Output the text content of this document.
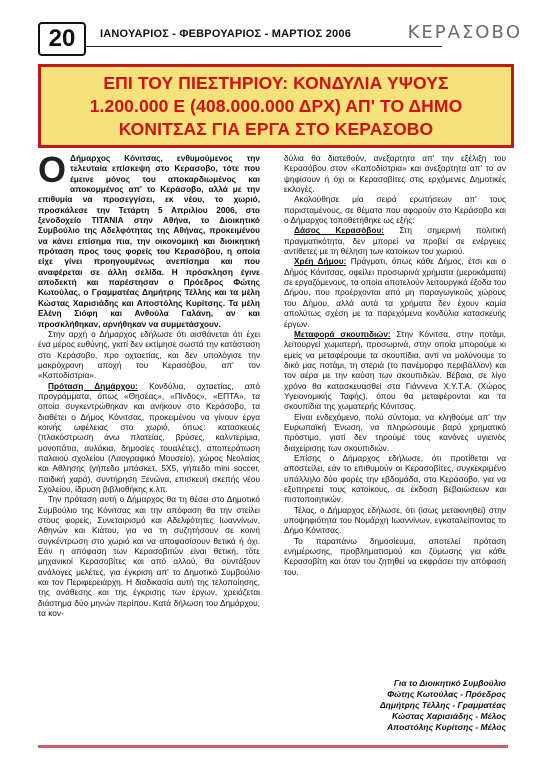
20	ΙΑΝΟΥΑΡΙΟΣ - ΦΕΒΡΟΥΑΡΙΟΣ - ΜΑΡΤΙΟΣ 2006	ΚΕΡΑΣΟΒΟ
ΕΠΙ ΤΟΥ ΠΙΕΣΤΗΡΙΟΥ: ΚΟΝΔΥΛΙΑ ΥΨΟΥΣ
1.200.000 Ε (408.000.000 ΔΡΧ) ΑΠ' ΤΟ ΔΗΜΟ
ΚΟΝΙΤΣΑΣ ΓΙΑ ΕΡΓΑ ΣΤΟ ΚΕΡΑΣΟΒΟ

Ο Δήμαρχος Κόνιτσας, ενθυμούμενος την τελευταία επίσκεψη στο Κερασοβο, τότε που έμεινε μόνος του αποκαρδιωμένος και αποκομμένος απ' το Κεράσοβο, αλλά με την επιθυμία να προσεγγίσει, εκ νέου, το χωριό, προσκάλεσε την Τετάρτη 5 Απριλίου 2006, στο ξενοδοχείο ΤΙΤΑΝΙΑ στην Αθήνα, το Διοικητικό Συμβούλιο της Αδελφότητας της Αθήνας, προκειμένου να κάνει επίσημα πια, την οικονομική και διοικητική πρόταση προς τους φορείς του Κερασόβου, η οποία είχε γίνει προηγουμένως ανεπίσημα και που αναφέρεται σε άλλη σελίδα. Η πρόσκληση έγινε αποδεκτή και παρέστησαν ο Πρόεδρος Φώτης Κωτούλας, ο Γραμματέας Δημήτρης Τέλλης και τα μέλη Κώστας Χαρισιάδης και Αποστόλης Κυρίτσης. Τα μέλη Ελένη Σιόφη και Ανθούλα Γαλάνη, αν και προσκλήθηκαν, αρνήθηκαν να συμμετάσχουν.

Στην αρχή ο Δήμαρχος εδήλωσε ότι αισθάνεται ότι έχει ένα μέρος ευθύνης, γιατί δεν εκτίμησε σωστά την κατάσταση στο Κεράσοβο, προ οχταετίας, και δεν υπολόγισε την μακρόχρονη αποχή του Κερασόβου, απ' τον «Καποδίστρια».

Πρόταση Δημάρχου: Κονδύλια, οχταετίας, από προγράμματα, όπως «Θησέας», «Πίνδος», «ΕΠΤΑ», τα οποία συγκεντρώθηκαν και ανήκουν στο Κεράσοβο, τα διαθέτει ο Δήμος Κόνιτσας, προκειμένου να γίνουν έργα κοινής ωφέλειας στο χωριό, όπως: κατασκευές (πλακόστρωση άνω πλατείας, βρύσες, καλντερίμια, μονοπάτια, αυλάκια, δημοσίες τουαλέτες), αποπεράτωση παλαιού σχολείου (Λαογραφικό Μουσείο), χώρος Νεολαίας και Αθλησης (γήπεδο μπάσκετ, 5Χ5, γήπεδο mini soccer, παιδική χαρά), συντήρηση Ξενώνα, επισκευή σκεπής νέου Σχολείου, ίδρυση βιβλιοθήκης κ.λπ.

Την πρόταση αυτή ο Δήμαρχος θα τη θέσει στο Δημοτικό Συμβούλιο της Κόνιτσας και την απόφαση θα την στείλει στους φορείς, Συνεταιρισμό και Αδελφότητες Ιωαννίνων, Αθηνών και Κιάτου, για να τη συζητήσουν σε κοινή συγκέντρωση στο χωριό και να αποφασίσουν θετικά ή όχι. Εάν η απόφαση των Κερασοβιτών είναι θετική, τότε μηχανικοί Κερασοβίτες και από αλλού, θα συντάξουν ανάλογες μελέτες, για έγκριση απ' το Δημοτικό Συμβούλιο και τον Περιφερειάρχη. Η διαδικασία αυτή της τελοποίησης, της ανάθεσης και της έγκρισης των έργων, χρειάζεται διάστημα δύο μηνών περίπου. Κατά δήλωση του Δημάρχου, τα κον-

δύλια θα διατεθούν, ανεξαρτητα απ' την εξέλιξη του Κερασόβου στον «Καποδίστρια» και ανεξαρτητα απ' το αν ψηφίσουν ή όχι οι Κερασοβίτες στις ερχόμενες Δημοτικές εκλογές.

Ακολούθησε μία σειρά ερωτήσεων απ' τους παρισταμένους, σε θέματα που αφορούν στο Κεράσοβο και ο Δήμαρχος τοποθετήθηκε ως εξής:

Δάσος Κερασόβου: Στη σημερινή πολιτική πραγματικότητα, δεν μπορεί να προβεί σε ενέργειες αντίθετες με τη θέληση των κατοίκων του χωριού.

Χρέη Δήμου: Πράγματι, όπως κάθε Δήμος, έτσι και ο Δήμος Κόνιτσας, οφείλει προσωρινά χρήματα (μεροκάματα) σε εργαζόμενους, τα οποία αποτελούν λειτουργικά έξοδα του Δήμου, που προέρχονται από μη παραγωγικούς χώρους του Δήμου, αλλά αυτά τα χρήματα δεν έχουν καμία απολύτως σχέση με τα παρεχόμενα κονδύλια κατασκευής έργων.

Μεταφορά σκουπιδιών: Στην Κόνιτσα, στην ποτάμι, λειτουργεί χωματερή, προσωρινά, στην οποία μπορούμε κι εμείς να μεταφέρουμε τα σκουπίδια, αντί να μολύνουμε το δικό μας ποτάμι, τη στεριά (το πανέμορφο περιβάλλον) και τον αέρα με την καύση των σκουπιδιών. Βέβαια, σε λίγο χρόνο θα κατασκευασθεί στα Γιάννενα Χ.Υ.Τ.Α. (Χώρος Υγειονομικής Ταφής), όπου θα μεταφέρονται και τα σκουπίδια της χωματερής Κόνιτσας.

Είναι ενδεχόμενο, πολύ σύντομα, να κληθούμε απ' την Ευρωπαϊκή Ένωση, να πληρώσουμε βαρύ χρηματικό πρόστιμο, γιατί δεν τηρούμε τους κανόνες υγιεινός διαχείρισης των σκουπιδιών.

Επίσης ο Δήμαρχος εδήλωσε, ότι προτίθεται να αποστείλει, εάν το επιθυμούν οι Κερασοβίτες, συγκεκριμένο υπάλληλο δύο φορές την εβδομάδα, στο Κεράσοβο, για να εξυπηρετεί τους κατοίκους, σε έκδοση βεβαιώσεων και πιστοποιητικών.

Τέλος, ο Δήμαρχος εδήλωσε, ότι (ίσως μετακινηθεί) στην υποψηφιότητα του Νομάρχη Ιωαννίνων, εγκαταλείποντας το Δήμο Κόνιτσας.

Το παραπάνω δημοσίευμα, αποτελεί πρόταση ενημέρωσης, προβληματισμού και ζύμωσης για κάθε Κερασοβίτη και όταν του ζητηθεί να εκφράσει την απόφασή του.

Για το Διοικητικό Συμβούλιο
Φώτης Κωτούλας - Πρόεδρος
Δημήτρης Τέλλης - Γραμματέας
Κώστας Χαρισιάδης - Μέλος
Αποστόλης Κυρίτσης - Μέλος
